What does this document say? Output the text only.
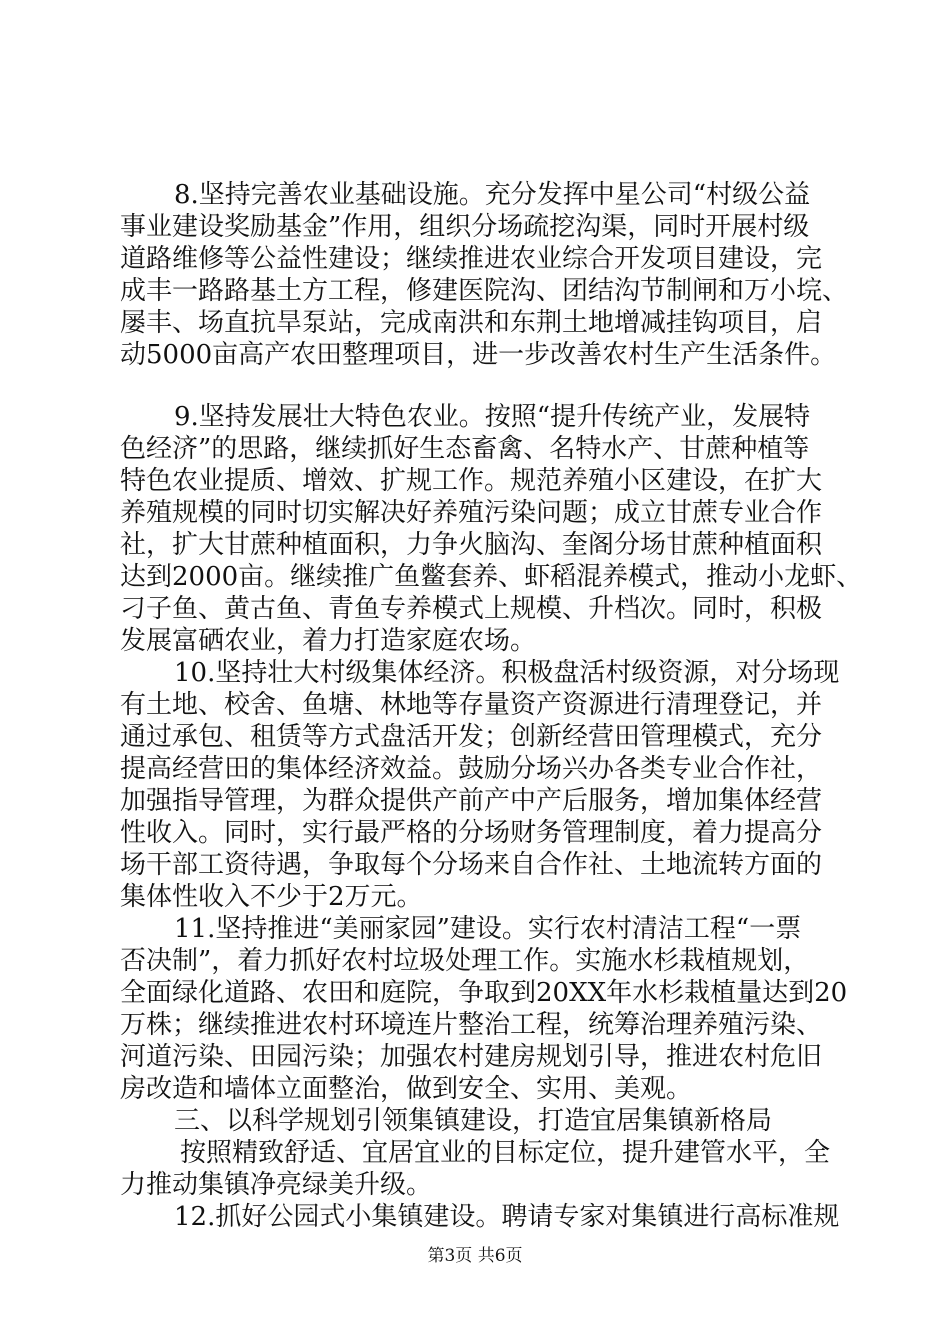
8.坚持完善农业基础设施。充分发挥中星公司“村级公益
事业建设奖励基金”作用，组织分场疏挖沟渠，同时开展村级
道路维修等公益性建设；继续推进农业综合开发项目建设，完
成丰一路路基土方工程，修建医院沟、团结沟节制闸和万小垸、
屡丰、场直抗旱泵站，完成南洪和东荆土地增减挂钩项目，启
动5000亩高产农田整理项目，进一步改善农村生产生活条件。
9.坚持发展壮大特色农业。按照“提升传统产业，发展特
色经济”的思路，继续抓好生态畜禽、名特水产、甘蔗种植等
特色农业提质、增效、扩规工作。规范养殖小区建设，在扩大
养殖规模的同时切实解决好养殖污染问题；成立甘蔗专业合作
社，扩大甘蔗种植面积，力争火脑沟、奎阁分场甘蔗种植面积
达到2000亩。继续推广鱼鳖套养、虾稻混养模式，推动小龙虾、
刁子鱼、黄古鱼、青鱼专养模式上规模、升档次。同时，积极
发展富硒农业，着力打造家庭农场。
10.坚持壮大村级集体经济。积极盘活村级资源，对分场现
有土地、校舍、鱼塘、林地等存量资产资源进行清理登记，并
通过承包、租赁等方式盘活开发；创新经营田管理模式，充分
提高经营田的集体经济效益。鼓励分场兴办各类专业合作社，
加强指导管理，为群众提供产前产中产后服务，增加集体经营
性收入。同时，实行最严格的分场财务管理制度，着力提高分
场干部工资待遇，争取每个分场来自合作社、土地流转方面的
集体性收入不少于2万元。
11.坚持推进“美丽家园”建设。实行农村清洁工程“一票
否决制”，着力抓好农村垃圾处理工作。实施水杉栽植规划，
全面绿化道路、农田和庭院，争取到20XX年水杉栽植量达到20
万株；继续推进农村环境连片整治工程，统筹治理养殖污染、
河道污染、田园污染；加强农村建房规划引导，推进农村危旧
房改造和墙体立面整治，做到安全、实用、美观。
三、以科学规划引领集镇建设，打造宜居集镇新格局
按照精致舒适、宜居宜业的目标定位，提升建管水平，全
力推动集镇净亮绿美升级。
12.抓好公园式小集镇建设。聘请专家对集镇进行高标准规
第3页 共6页
